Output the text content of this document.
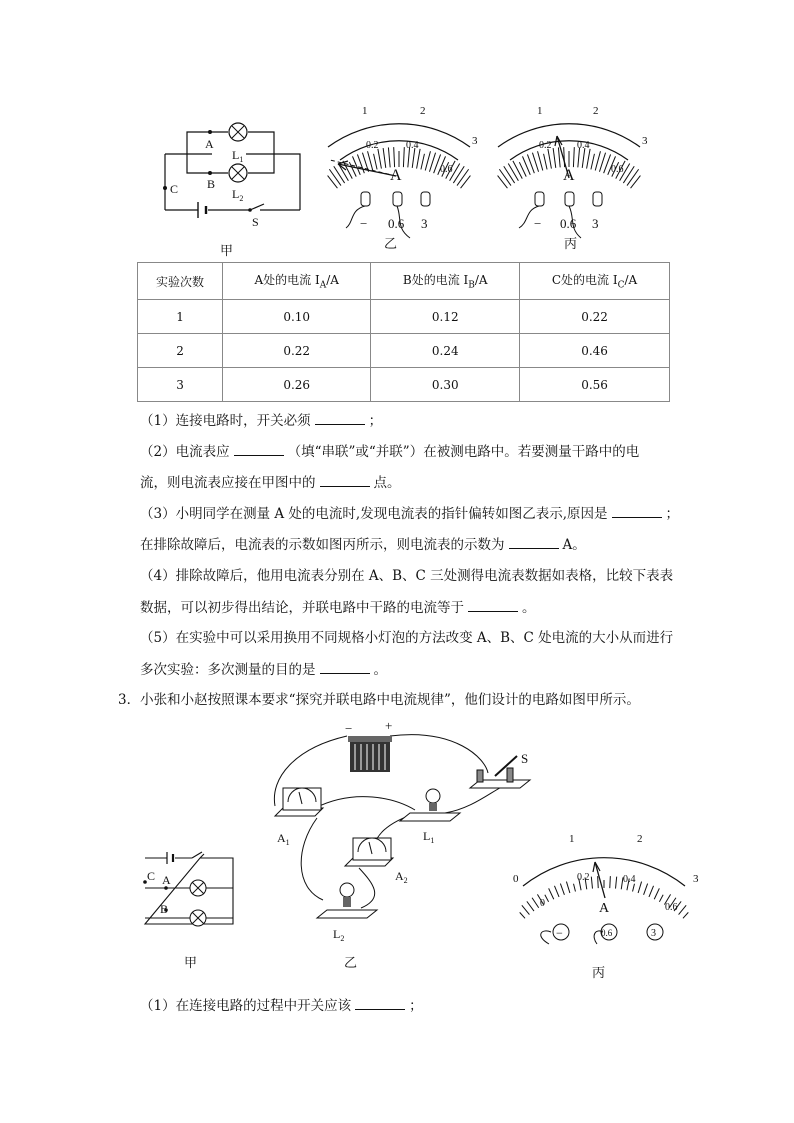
A
B
C
S
$L_1$
$L_2$
甲
1	2
3
0.2	0.4
0.6
A
− 0.6 3
乙
1	2
3
0.2	0.4
0.6
A
− 0.6 3
丙
实验次数	A处的电流 $I_A/A$	B处的电流 $I_B/A$	C处的电流 $I_C/A$
1	0.10	0.12	0.22
2	0.22	0.24	0.46
3	0.26	0.30	0.56
（1）连接电路时，开关必须	；
（2）电流表应	（填“串联”或“并联”）在被测电路中。若要测量干路中的电
流，则电流表应接在甲图中的	点。
（3）小明同学在测量 A 处的电流时,发现电流表的指针偏转如图乙表示,原因是	；
在排除故障后，电流表的示数如图丙所示，则电流表的示数为	A。
（4）排除故障后，他用电流表分别在 A、B、C 三处测得电流表数据如表格，比较下表表
数据，可以初步得出结论，并联电路中干路的电流等于	。
（5）在实验中可以采用换用不同规格小灯泡的方法改变 A、B、C 处电流的大小从而进行
多次实验：多次测量的目的是	。
3．小张和小赵按照课本要求“探究并联电路中电流规律”，他们设计的电路如图甲所示。
−	+
S
$A_1$	$L_1$
$A_2$
$L_2$
C A
B
甲	乙
0
1	2
3
0
0.2	0.4
0.6
A
−	0.6	3
丙
（1）在连接电路的过程中开关应该	；
